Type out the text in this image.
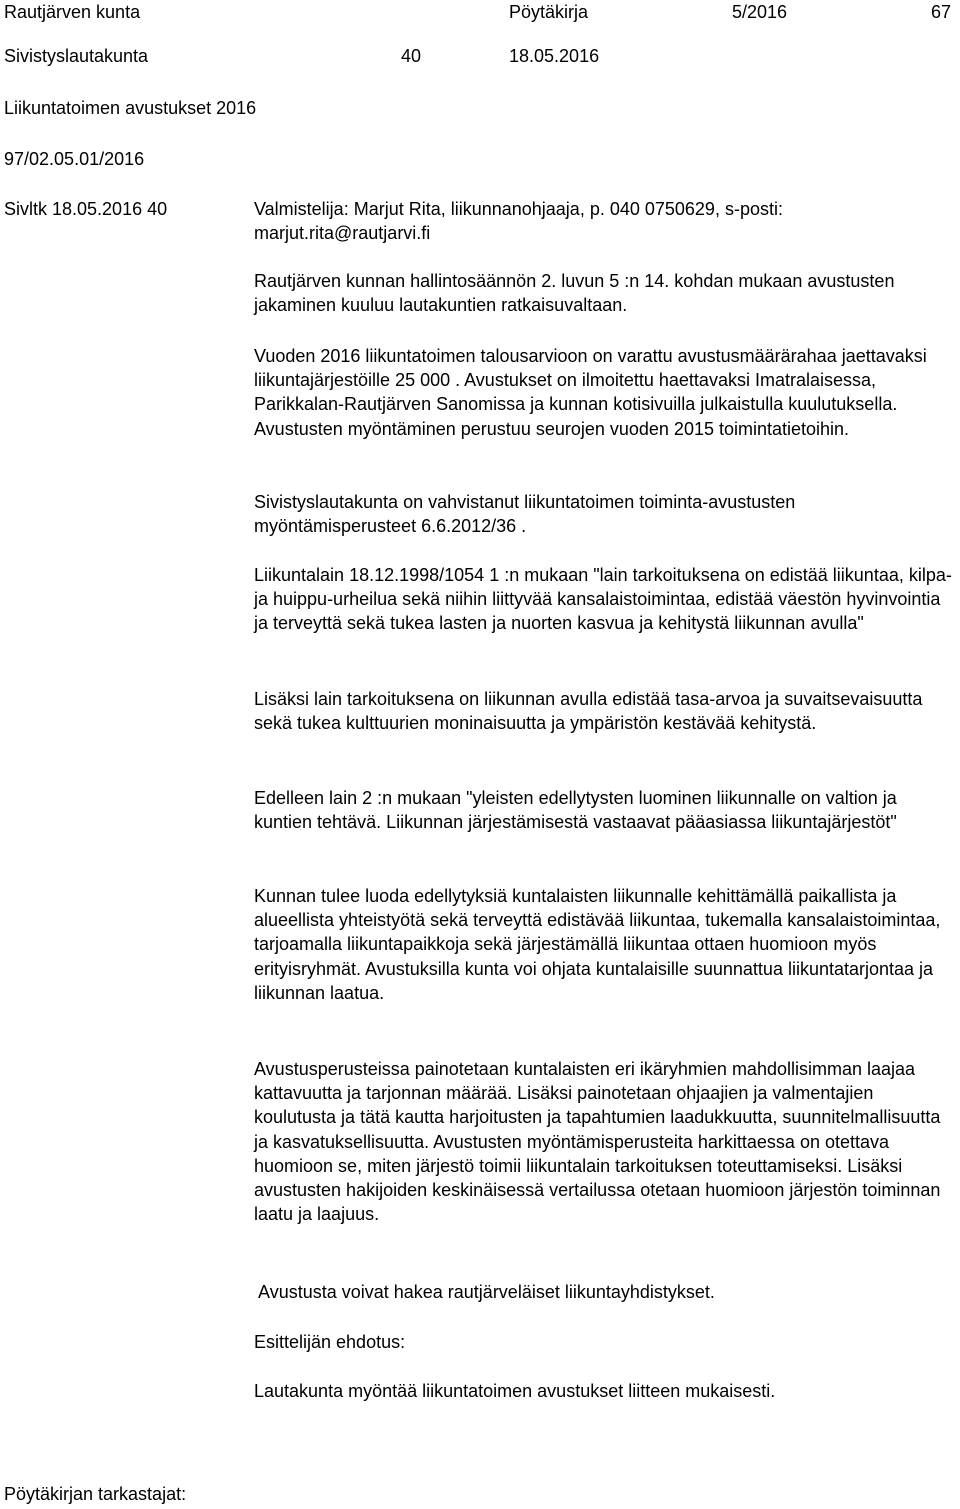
Rautjärven kunta	Pöytäkirja	5/2016	67
Sivistyslautakunta	40	18.05.2016
Liikuntatoimen avustukset 2016
97/02.05.01/2016
Sivltk 18.05.2016 40	Valmistelija: Marjut Rita, liikunnanohjaaja, p. 040 0750629, s-posti: marjut.rita@rautjarvi.fi
Rautjärven kunnan hallintosäännön 2. luvun 5 :n 14. kohdan mukaan avustusten jakaminen kuuluu lautakuntien ratkaisuvaltaan.
Vuoden 2016 liikuntatoimen talousarvioon on varattu avustusmäärärahaa jaettavaksi liikuntajärjestöille 25 000 . Avustukset on ilmoitettu haettavaksi Imatralaisessa, Parikkalan-Rautjärven Sanomissa ja kunnan kotisivuilla julkaistulla kuulutuksella. Avustusten myöntäminen perustuu seurojen vuoden 2015 toimintatietoihin.
Sivistyslautakunta on vahvistanut liikuntatoimen toiminta-avustusten myöntämisperusteet 6.6.2012/36 .
Liikuntalain 18.12.1998/1054 1 :n mukaan "lain tarkoituksena on edistää liikuntaa, kilpa- ja huippu-urheilua sekä niihin liittyvää kansalaistoimintaa, edistää väestön hyvinvointia ja terveyttä sekä tukea lasten ja nuorten kasvua ja kehitystä liikunnan avulla"
Lisäksi lain tarkoituksena on liikunnan avulla edistää tasa-arvoa ja suvaitsevaisuutta sekä tukea kulttuurien moninaisuutta ja ympäristön kestävää kehitystä.
Edelleen lain 2 :n mukaan "yleisten edellytysten luominen liikunnalle on valtion ja kuntien tehtävä. Liikunnan järjestämisestä vastaavat pääasiassa liikuntajärjestöt"
Kunnan tulee luoda edellytyksiä kuntalaisten liikunnalle kehittämällä paikallista ja alueellista yhteistyötä sekä terveyttä edistävää liikuntaa, tukemalla kansalaistoimintaa, tarjoamalla liikuntapaikkoja sekä järjestämällä liikuntaa ottaen huomioon myös erityisryhmät. Avustuksilla kunta voi ohjata kuntalaisille suunnattua liikuntatarjontaa ja liikunnan laatua.
Avustusperusteissa painotetaan kuntalaisten eri ikäryhmien mahdollisimman laajaa kattavuutta ja tarjonnan määrää. Lisäksi painotetaan ohjaajien ja valmentajien koulutusta ja tätä kautta harjoitusten ja tapahtumien laadukkuutta, suunnitelmallisuutta ja kasvatuksellisuutta. Avustusten myöntämisperusteita harkittaessa on otettava huomioon se, miten järjestö toimii liikuntalain tarkoituksen toteuttamiseksi. Lisäksi avustusten hakijoiden keskinäisessä vertailussa otetaan huomioon järjestön toiminnan laatu ja laajuus.
Avustusta voivat hakea rautjärveläiset liikuntayhdistykset.
Esittelijän ehdotus:
Lautakunta myöntää liikuntatoimen avustukset liitteen mukaisesti.
Pöytäkirjan tarkastajat:
